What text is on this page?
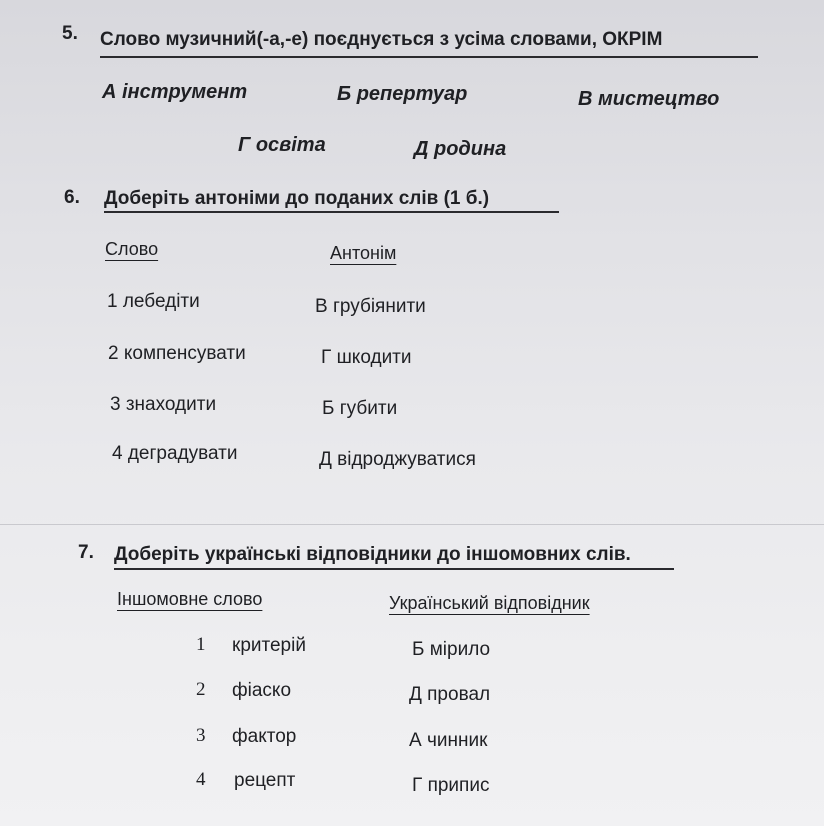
5. Слово музичний(-а,-е) поєднується з усіма словами, ОКРІМ
А інструмент	Б репертуар	В мистецтво
Г освіта	Д родина
6. Доберіть антоніми до поданих слів (1 б.)
Слово	Антонім
1 лебедіти	В грубіянити
2 компенсувати	Г шкодити
3 знаходити	Б губити
4 деградувати	Д відроджуватися
7. Доберіть українські відповідники до іншомовних слів.
Іншомовне слово	Український відповідник
1 критерій	Б мірило
2 фіаско	Д провал
3 фактор	А чинник
4 рецепт	Г припис
